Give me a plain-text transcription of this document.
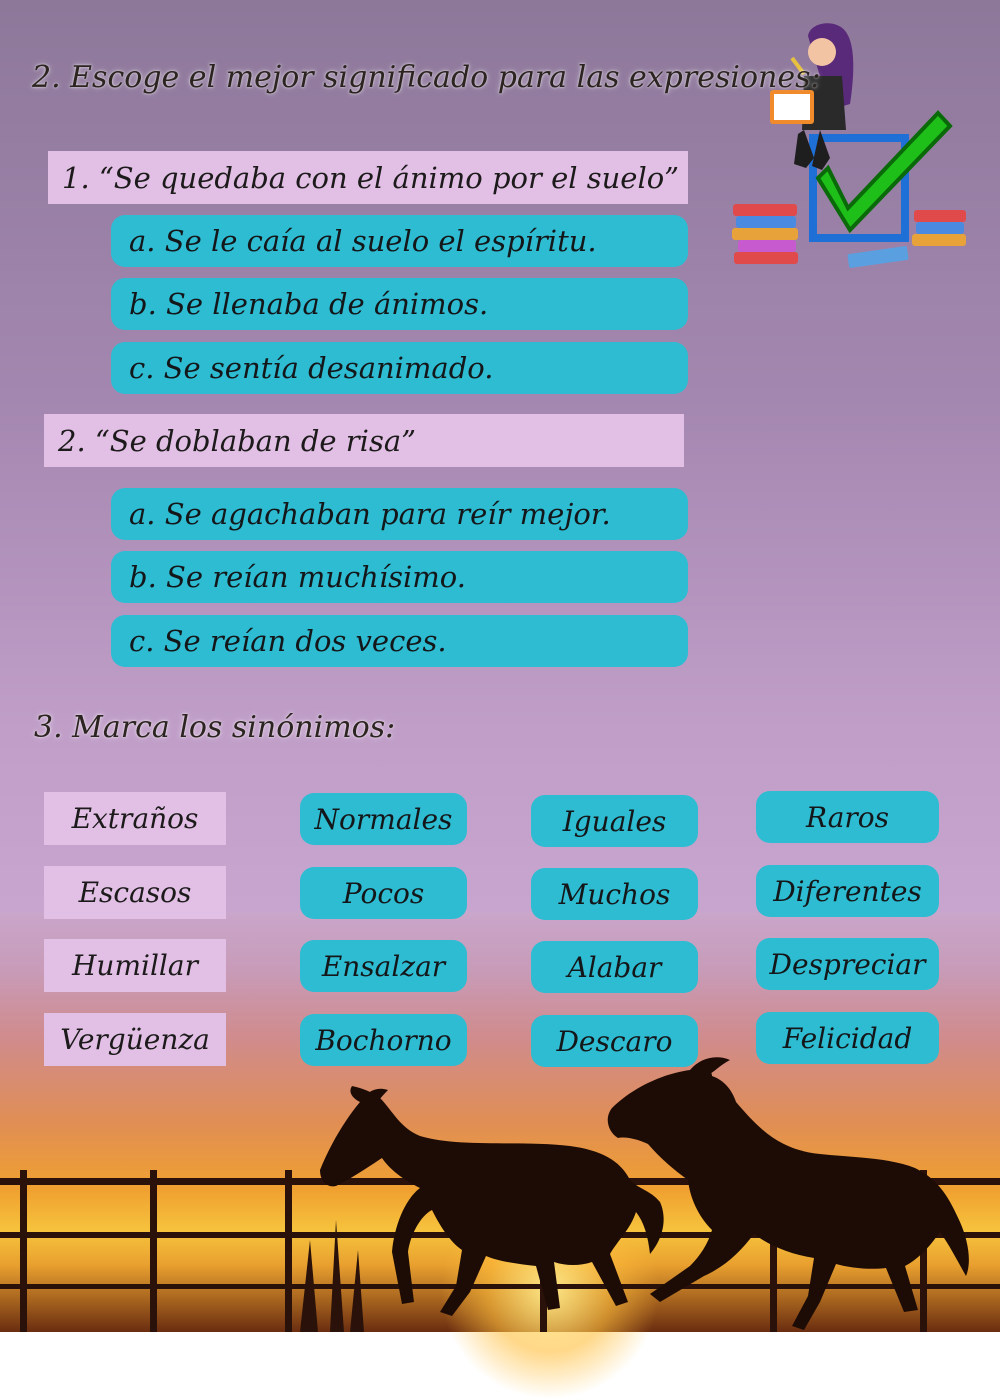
2. Escoge el mejor significado para las expresiones:
1. “Se quedaba con el ánimo por el suelo”
a. Se le caía al suelo el espíritu.
b. Se llenaba de ánimos.
c. Se sentía desanimado.
2. “Se doblaban de risa”
a. Se agachaban para reír mejor.
b. Se reían muchísimo.
c. Se reían dos veces.
3. Marca los sinónimos:
Extraños	Normales	Iguales	Raros
Escasos	Pocos	Muchos	Diferentes
Humillar	Ensalzar	Alabar	Despreciar
Vergüenza	Bochorno	Descaro	Felicidad
